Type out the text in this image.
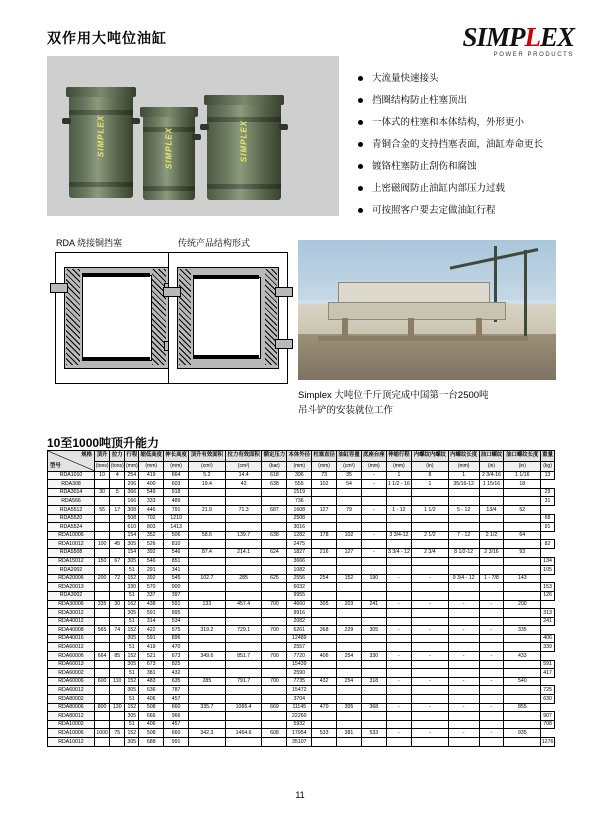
双作用大吨位油缸	SIMPLEX
POWER PRODUCTS
SIMPLEX	SIMPLEX	SIMPLEX
大流量快速接头
挡圈结构防止柱塞顶出
一体式的柱塞和本体结构，外形更小
青铜合金的支持挡塞表面，油缸寿命更长
镀铬柱塞防止刮伤和腐蚀
上密磁阀防止油缸内部压力过载
可按照客户要去定做油缸行程
RDA 烧接铜挡塞	传统产品结构形式
Simplex 大吨位千斤顶完成中国第一台2500吨
吊斗铲的安装就位工作
10至1000吨顶升能力
规格
型号	顶升	拉力	行程	缩低高度	伸长高度	顶升有效面积	拉力有效面积	额定压力	本体外径	柱塞直径	油缸容量	底座台座	伸缩行程	内螺纹内螺纹	内螺纹长度	油口螺纹	油口螺纹长度	重量
	(tons)	(tons)	(mm)	(mm)	(mm)	(cm²)	(cm²)	(bar)	(mm)	(mm)	(cm³)	(mm)	(mm)	(in)	(mm)	(in)	(in)	(kg)
RDA1010	10	4	254	419	664	5.2	14.4	618	396	73	35	-	1	8	1	2 3/4-16	1 1/16	13
RDA308			206	400	603	19.4	42	638	555	102	54	-	1 1/2 - 16	1	35/16-12	1 15/16	18	
RDA3014	30	5	366	549	918				1519									29
RDA566			166	333	489				736									31
RDA5512	55	17	308	446	791	21.9	71.3	687	1608	127	79	-	1 - 12	1 1/2	5 - 12	13/4	52	
RDA5520			508	702	1210				2508									68
RDA5524			610	803	1413				3016									91
RDA10006			154	352	506	58.6	139.7	638	1282	178	102	-	3 3/4-12	2 1/2	7 - 12	2 1/2	64	
RDA10012	100	45	305	526	810				2475									82
RDA5508			154	392	546	87.4	214.1	624	1827	216	127	-	3 3/4 - 12	2 3/4	8 1/2-12	2 3/16	93	
RDA15012	150	67	305	546	851				3666									134
RDA2002			51	291	341				1082									105
RDA20006	200	72	152	392	545	102.7	285	625	2556	254	152	190	-	-	9 3/4 - 12	1 - 7/8	143	
RDA20013			330	570	900				6032									153
RDA3002			51	337	397				9955									126
RDA30006	335	30	162	438	591	133	457.4	700	4660	305	203	241	-	-	-	-	200	
RDA30012			305	591	895				9916									313
RDA40012			51	314	534				2082									241
RDA40008	565	74	152	422	575	319.2	729.1	700	6261	368	229	305	-	-	-	-	335	
RDA40016			305	591	896				12489									406
RDA60012			51	419	470				2557									339
RDA60006	664	85	152	521	673	349.6	851.7	700	7720	406	254	330	-	-	-	-	433	
RDA60013			305	673	825				15439									591
RDA60002			51	381	432				2590									417
RDA60006	600	110	152	483	635	285	791.7	700	7735	432	254	318	-	-	-	-	540	
RDA60012			305	636	787				15472									725
RDA80002			51	406	457				3704									630
RDA80006	800	130	152	508	660	335.7	1065.4	669	11145	470	305	368	-	-	-	-	855	
RDA80012			305	666	966				22260									907
RDA10002			51	406	457				5932									708
RDA10006	1000	75	152	508	660	342.3	1464.6	608	17954	533	381	533	-	-	-	-	935	
RDA10012			305	688	991				35107									1276
11
